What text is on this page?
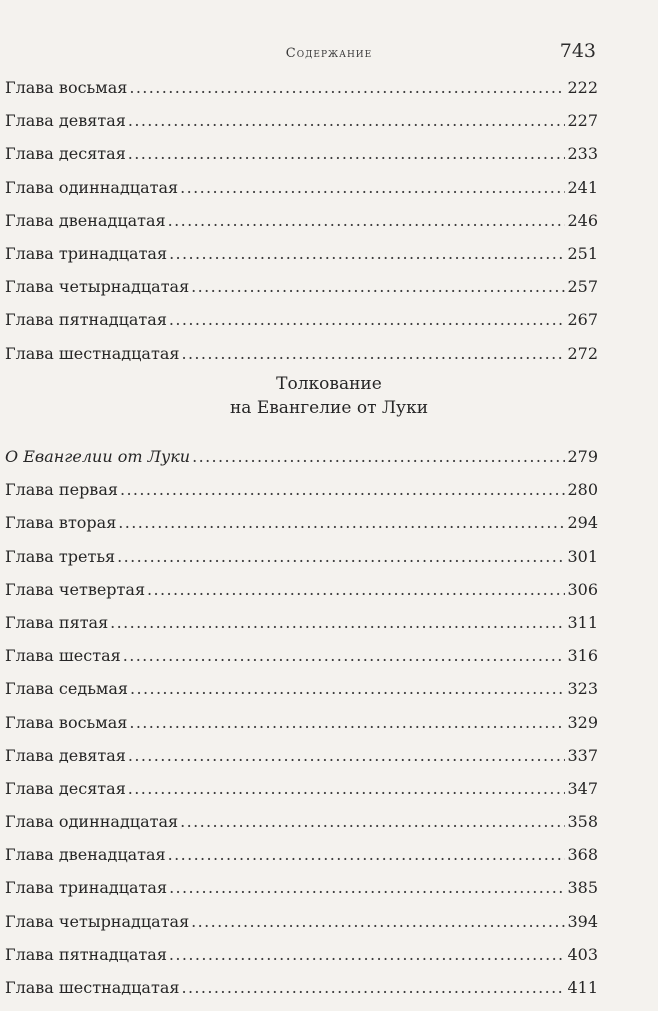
Содержание	743
Глава восьмая .....	222
Глава девятая .....	227
Глава десятая .....	233
Глава одиннадцатая .....	241
Глава двенадцатая .....	246
Глава тринадцатая .....	251
Глава четырнадцатая .....	257
Глава пятнадцатая .....	267
Глава шестнадцатая .....	272
Толкование
на Евангелие от Луки
О Евангелии от Луки .....	279
Глава первая .....	280
Глава вторая .....	294
Глава третья .....	301
Глава четвертая .....	306
Глава пятая .....	311
Глава шестая .....	316
Глава седьмая .....	323
Глава восьмая .....	329
Глава девятая .....	337
Глава десятая .....	347
Глава одиннадцатая .....	358
Глава двенадцатая .....	368
Глава тринадцатая .....	385
Глава четырнадцатая .....	394
Глава пятнадцатая .....	403
Глава шестнадцатая .....	411
